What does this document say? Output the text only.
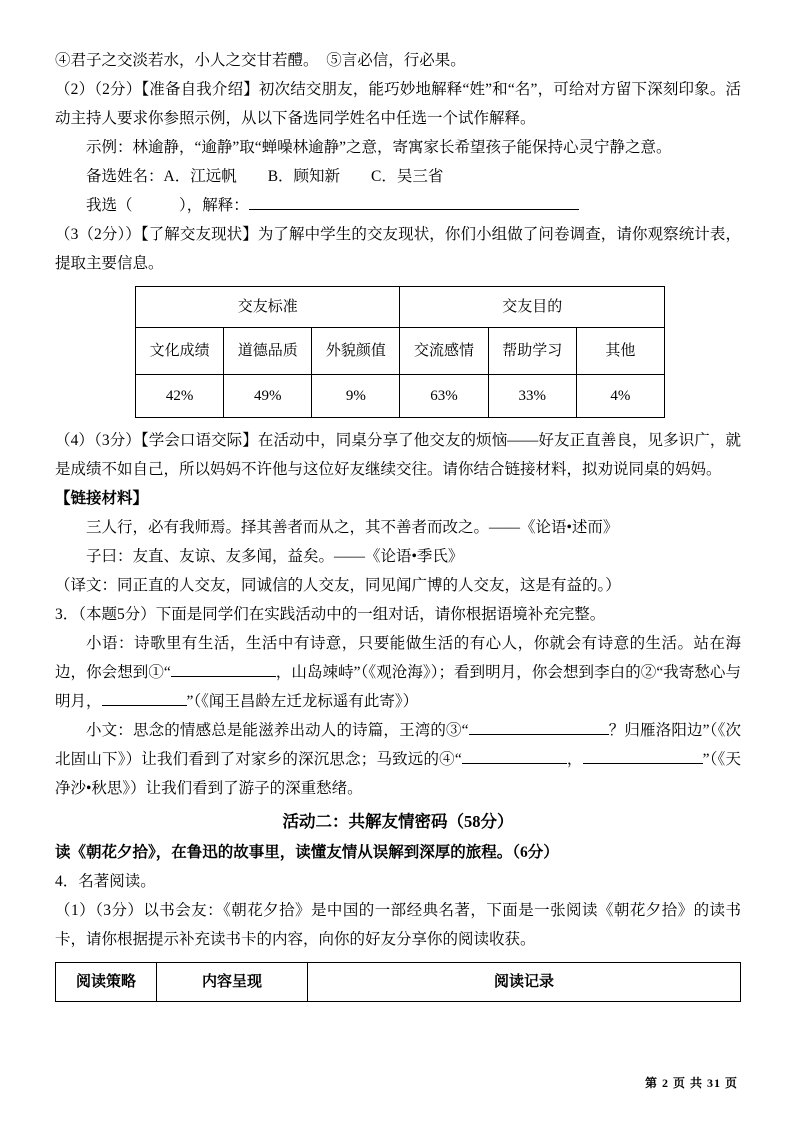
④君子之交淡若水，小人之交甘若醴。　⑤言必信，行必果。

（2）（2分）【准备自我介绍】初次结交朋友，能巧妙地解释“姓”和“名”，可给对方留下深刻印象。活动主持人要求你参照示例，从以下备选同学姓名中任选一个试作解释。

示例：林逾静，“逾静”取“蝉噪林逾静”之意，寄寓家长希望孩子能保持心灵宁静之意。

备选姓名：A．江远帆　　B．顾知新　　C．吴三省

我选（　　　），解释：

（3（2分））【了解交友现状】为了解中学生的交友现状，你们小组做了问卷调查，请你观察统计表，提取主要信息。

交友标准			交友目的		
文化成绩	道德品质	外貌颜值	交流感情	帮助学习	其他
42%	49%	9%	63%	33%	4%

（4）（3分）【学会口语交际】在活动中，同桌分享了他交友的烦恼——好友正直善良，见多识广，就是成绩不如自己，所以妈妈不许他与这位好友继续交往。请你结合链接材料，拟劝说同桌的妈妈。

【链接材料】

三人行，必有我师焉。择其善者而从之，其不善者而改之。——《论语•述而》

子曰：友直、友谅、友多闻，益矣。——《论语•季氏》

（译文：同正直的人交友，同诚信的人交友，同见闻广博的人交友，这是有益的。）

3．（本题5分）下面是同学们在实践活动中的一组对话，请你根据语境补充完整。

小语：诗歌里有生活，生活中有诗意，只要能做生活的有心人，你就会有诗意的生活。站在海边，你会想到①“	，山岛竦峙”（《观沧海》）；看到明月，你会想到李白的②“我寄愁心与明月，	”（《闻王昌龄左迁龙标遥有此寄》）

小文：思念的情感总是能滋养出动人的诗篇，王湾的③“	？归雁洛阳边”（《次北固山下》）让我们看到了对家乡的深沉思念；马致远的④“	，	”（《天净沙•秋思》）让我们看到了游子的深重愁绪。

活动二：共解友情密码（58分）

读《朝花夕拾》，在鲁迅的故事里，读懂友情从误解到深厚的旅程。（6分）

4．名著阅读。

（1）（3分）以书会友：《朝花夕拾》是中国的一部经典名著，下面是一张阅读《朝花夕拾》的读书卡，请你根据提示补充读书卡的内容，向你的好友分享你的阅读收获。

阅读策略	内容呈现	阅读记录
第 2 页 共 31 页
